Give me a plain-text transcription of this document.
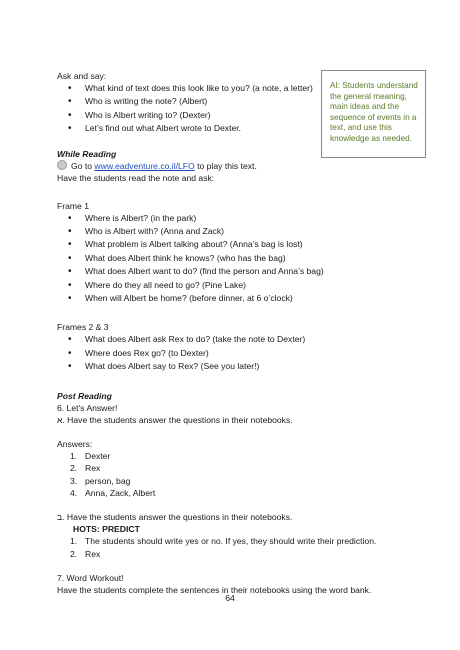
Ask and say:
• What kind of text does this look like to you? (a note, a letter)
• Who is writing the note? (Albert)
• Who is Albert writing to? (Dexter)
• Let’s find out what Albert wrote to Dexter.
While Reading
Go to www.eadventure.co.il/LFO to play this text.
Have the students read the note and ask:
Frame 1
• Where is Albert? (in the park)
• Who is Albert with? (Anna and Zack)
• What problem is Albert talking about? (Anna’s bag is lost)
• What does Albert think he knows? (who has the bag)
• What does Albert want to do? (find the person and Anna’s bag)
• Where do they all need to go? (Pine Lake)
• When will Albert be home? (before dinner, at 6 o’clock)
Frames 2 & 3
• What does Albert ask Rex to do? (take the note to Dexter)
• Where does Rex go? (to Dexter)
• What does Albert say to Rex? (See you later!)
Post Reading
6. Let's Answer!
א. Have the students answer the questions in their notebooks.
Answers:
1. Dexter
2. Rex
3. person, bag
4. Anna, Zack, Albert
ב. Have the students answer the questions in their notebooks.
HOTS: PREDICT
1. The students should write yes or no. If yes, they should write their prediction.
2. Rex
7. Word Workout!
Have the students complete the sentences in their notebooks using the word bank.
AI: Students understand the general meaning, main ideas and the sequence of events in a text, and use this knowledge as needed.
64
